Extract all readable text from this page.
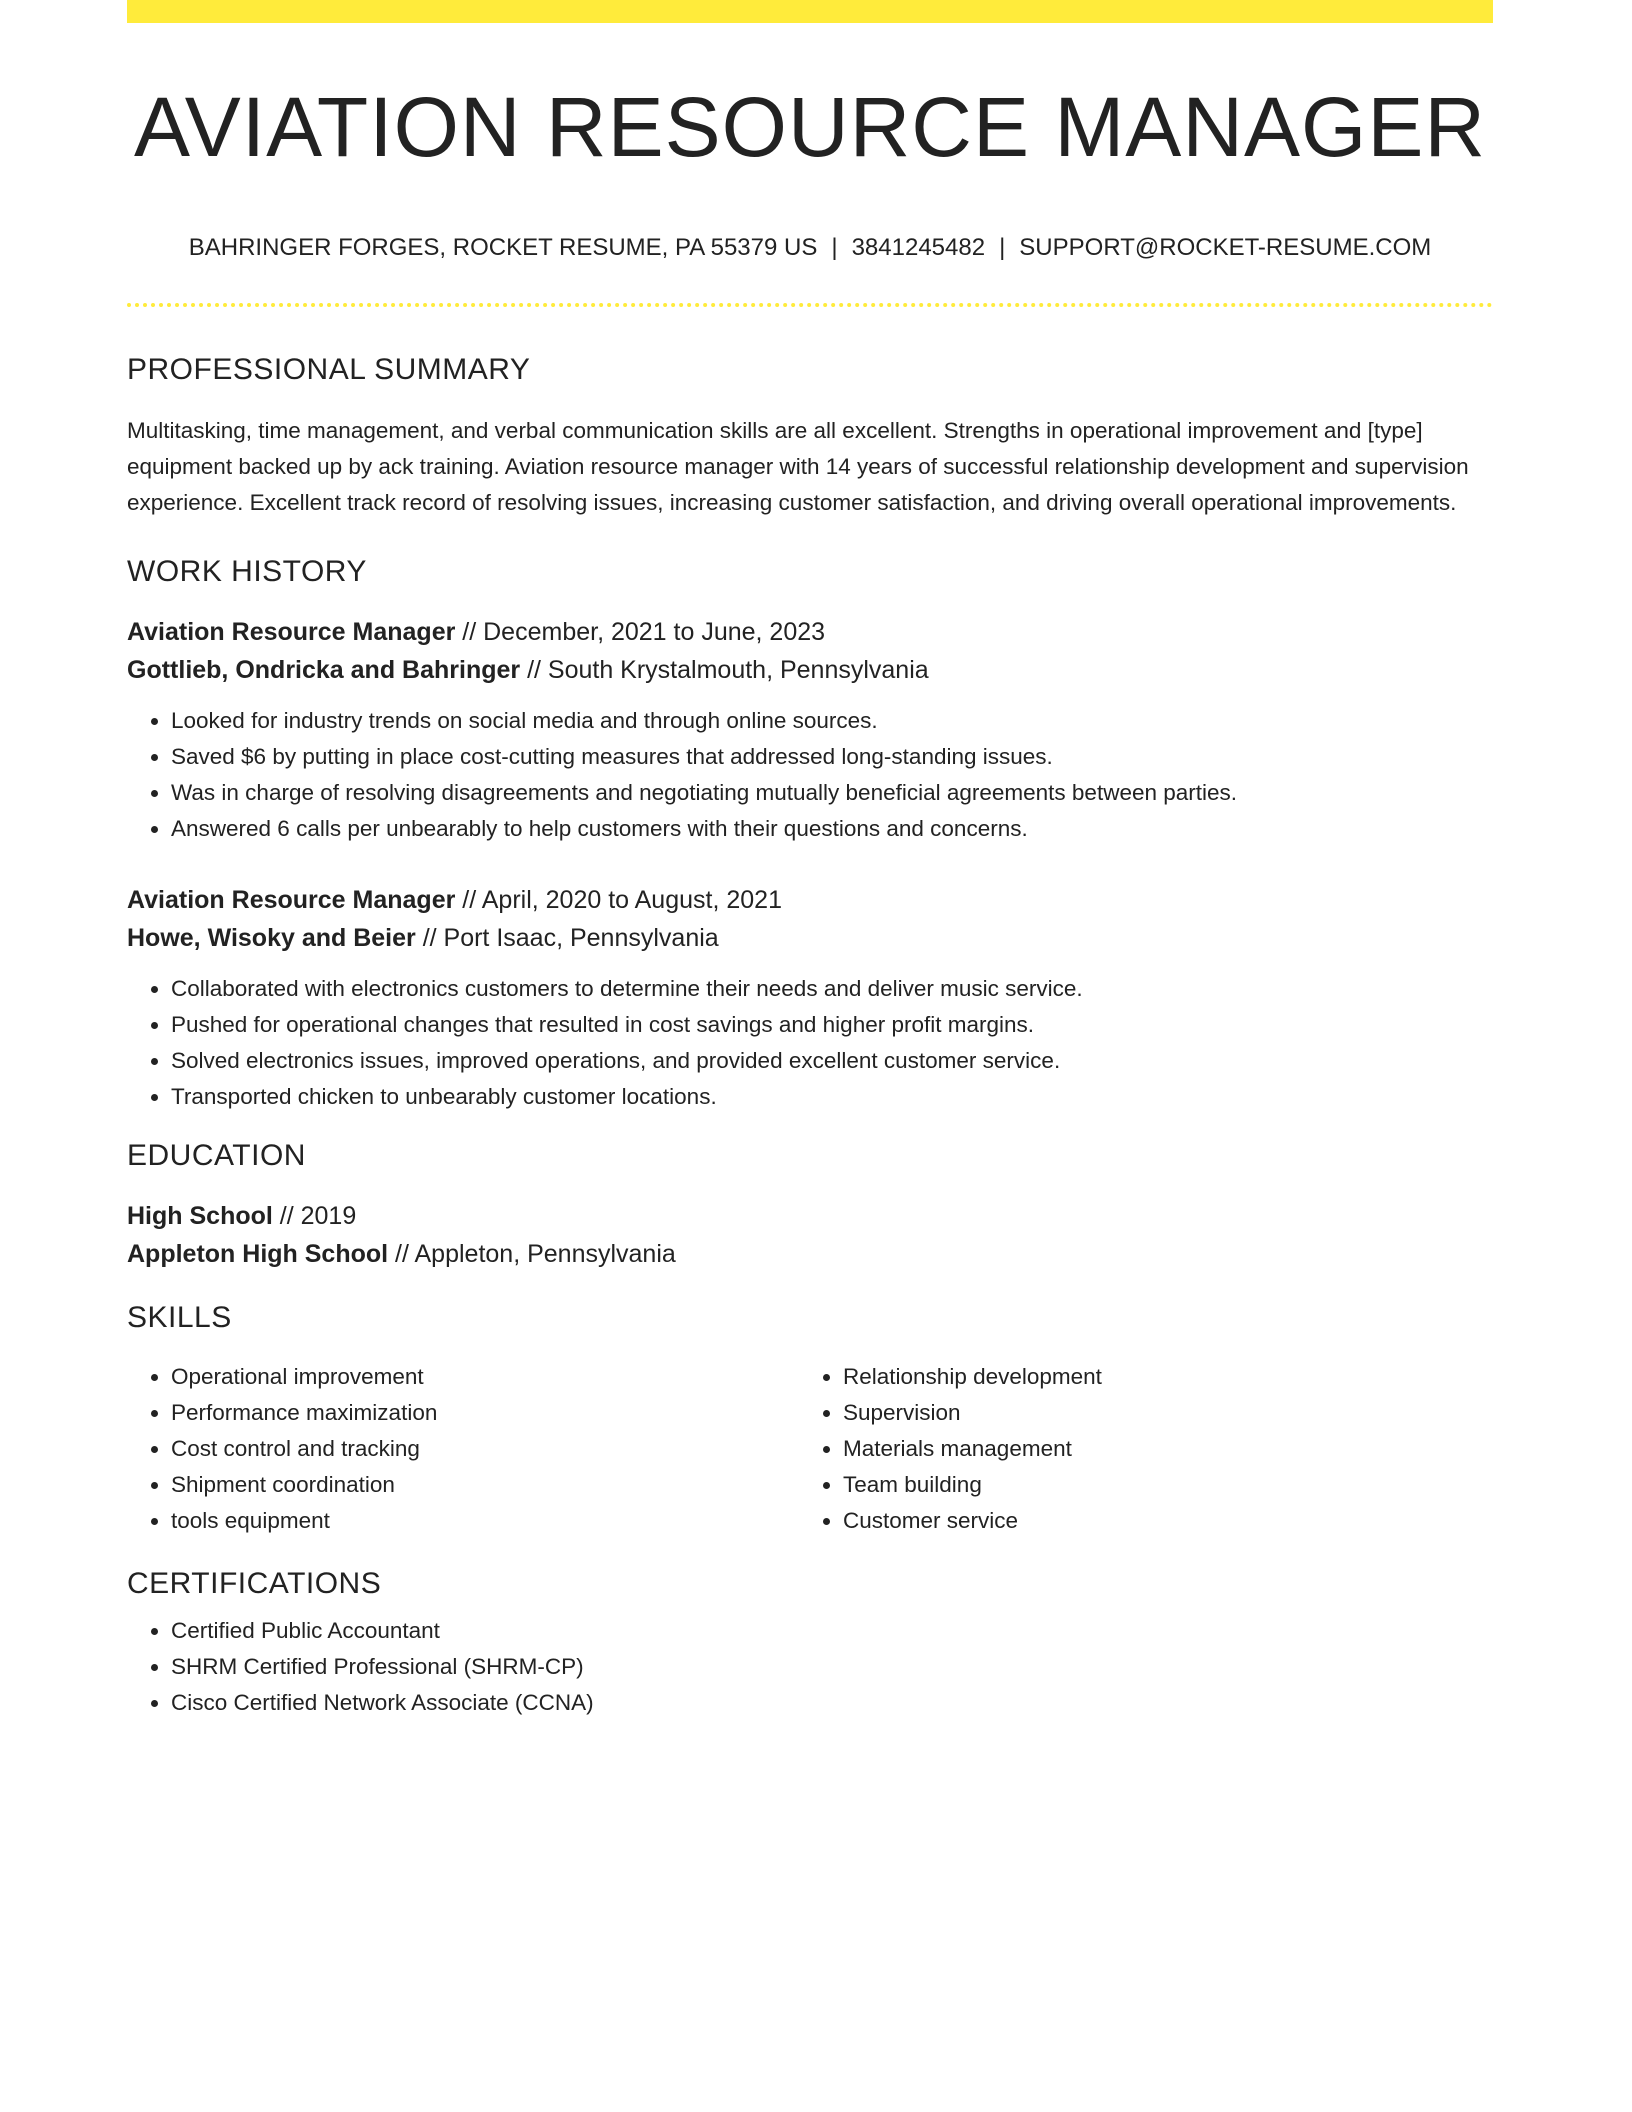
AVIATION RESOURCE MANAGER
BAHRINGER FORGES, ROCKET RESUME, PA 55379 US | 3841245482 | SUPPORT@ROCKET-RESUME.COM
PROFESSIONAL SUMMARY

Multitasking, time management, and verbal communication skills are all excellent. Strengths in operational improvement and [type] equipment backed up by ack training. Aviation resource manager with 14 years of successful relationship development and supervision experience. Excellent track record of resolving issues, increasing customer satisfaction, and driving overall operational improvements.

WORK HISTORY
Aviation Resource Manager // December, 2021 to June, 2023
Gottlieb, Ondricka and Bahringer // South Krystalmouth, Pennsylvania
• Looked for industry trends on social media and through online sources.
• Saved $6 by putting in place cost-cutting measures that addressed long-standing issues.
• Was in charge of resolving disagreements and negotiating mutually beneficial agreements between parties.
• Answered 6 calls per unbearably to help customers with their questions and concerns.
Aviation Resource Manager // April, 2020 to August, 2021
Howe, Wisoky and Beier // Port Isaac, Pennsylvania
• Collaborated with electronics customers to determine their needs and deliver music service.
• Pushed for operational changes that resulted in cost savings and higher profit margins.
• Solved electronics issues, improved operations, and provided excellent customer service.
• Transported chicken to unbearably customer locations.
EDUCATION
High School // 2019
Appleton High School // Appleton, Pennsylvania
SKILLS
• Operational improvement
• Performance maximization
• Cost control and tracking
• Shipment coordination
• tools equipment
• Relationship development
• Supervision
• Materials management
• Team building
• Customer service
CERTIFICATIONS
• Certified Public Accountant
• SHRM Certified Professional (SHRM-CP)
• Cisco Certified Network Associate (CCNA)
